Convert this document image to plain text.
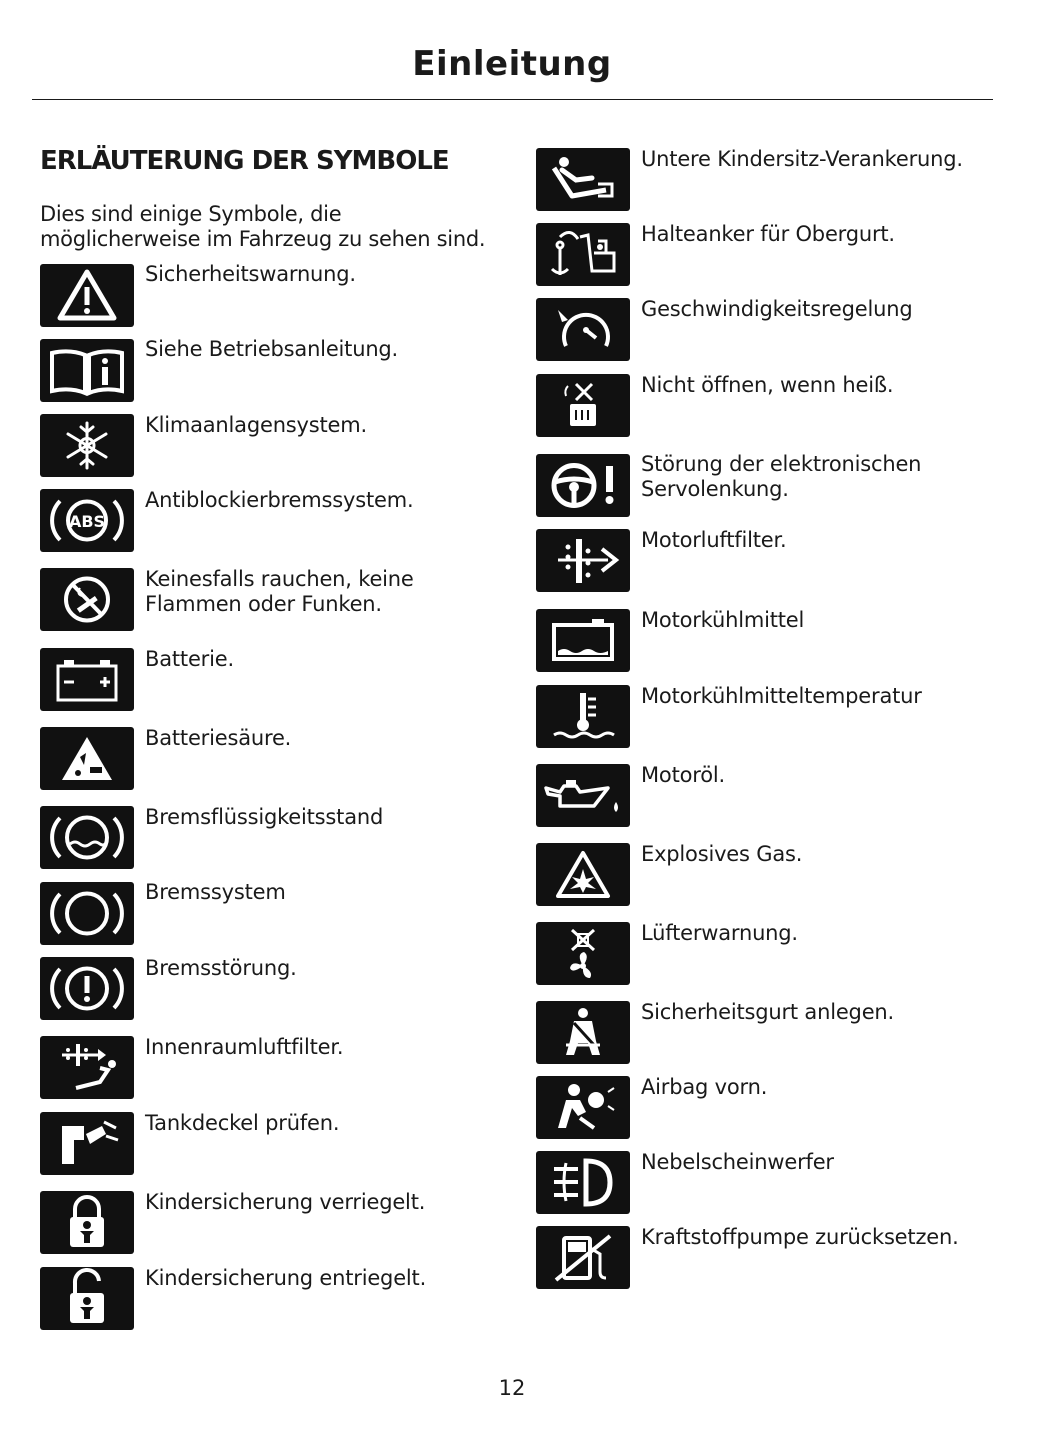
Einleitung
ERLÄUTERUNG DER SYMBOLE
Dies sind einige Symbole, die möglicherweise im Fahrzeug zu sehen sind.
Sicherheitswarnung.
Siehe Betriebsanleitung.
Klimaanlagensystem.
ABS
Antiblockierbremssystem.
Keinesfalls rauchen, keine Flammen oder Funken.
Batterie.
Batteriesäure.
Bremsflüssigkeitsstand
Bremssystem
Bremsstörung.
Innenraumluftfilter.
Tankdeckel prüfen.
Kindersicherung verriegelt.
Kindersicherung entriegelt.
Untere Kindersitz-Verankerung.
Halteanker für Obergurt.
Geschwindigkeitsregelung
Nicht öffnen, wenn heiß.
Störung der elektronischen Servolenkung.
Motorluftfilter.
Motorkühlmittel
Motorkühlmitteltemperatur
Motoröl.
Explosives Gas.
Lüfterwarnung.
Sicherheitsgurt anlegen.
Airbag vorn.
Nebelscheinwerfer
Kraftstoffpumpe zurücksetzen.
12
